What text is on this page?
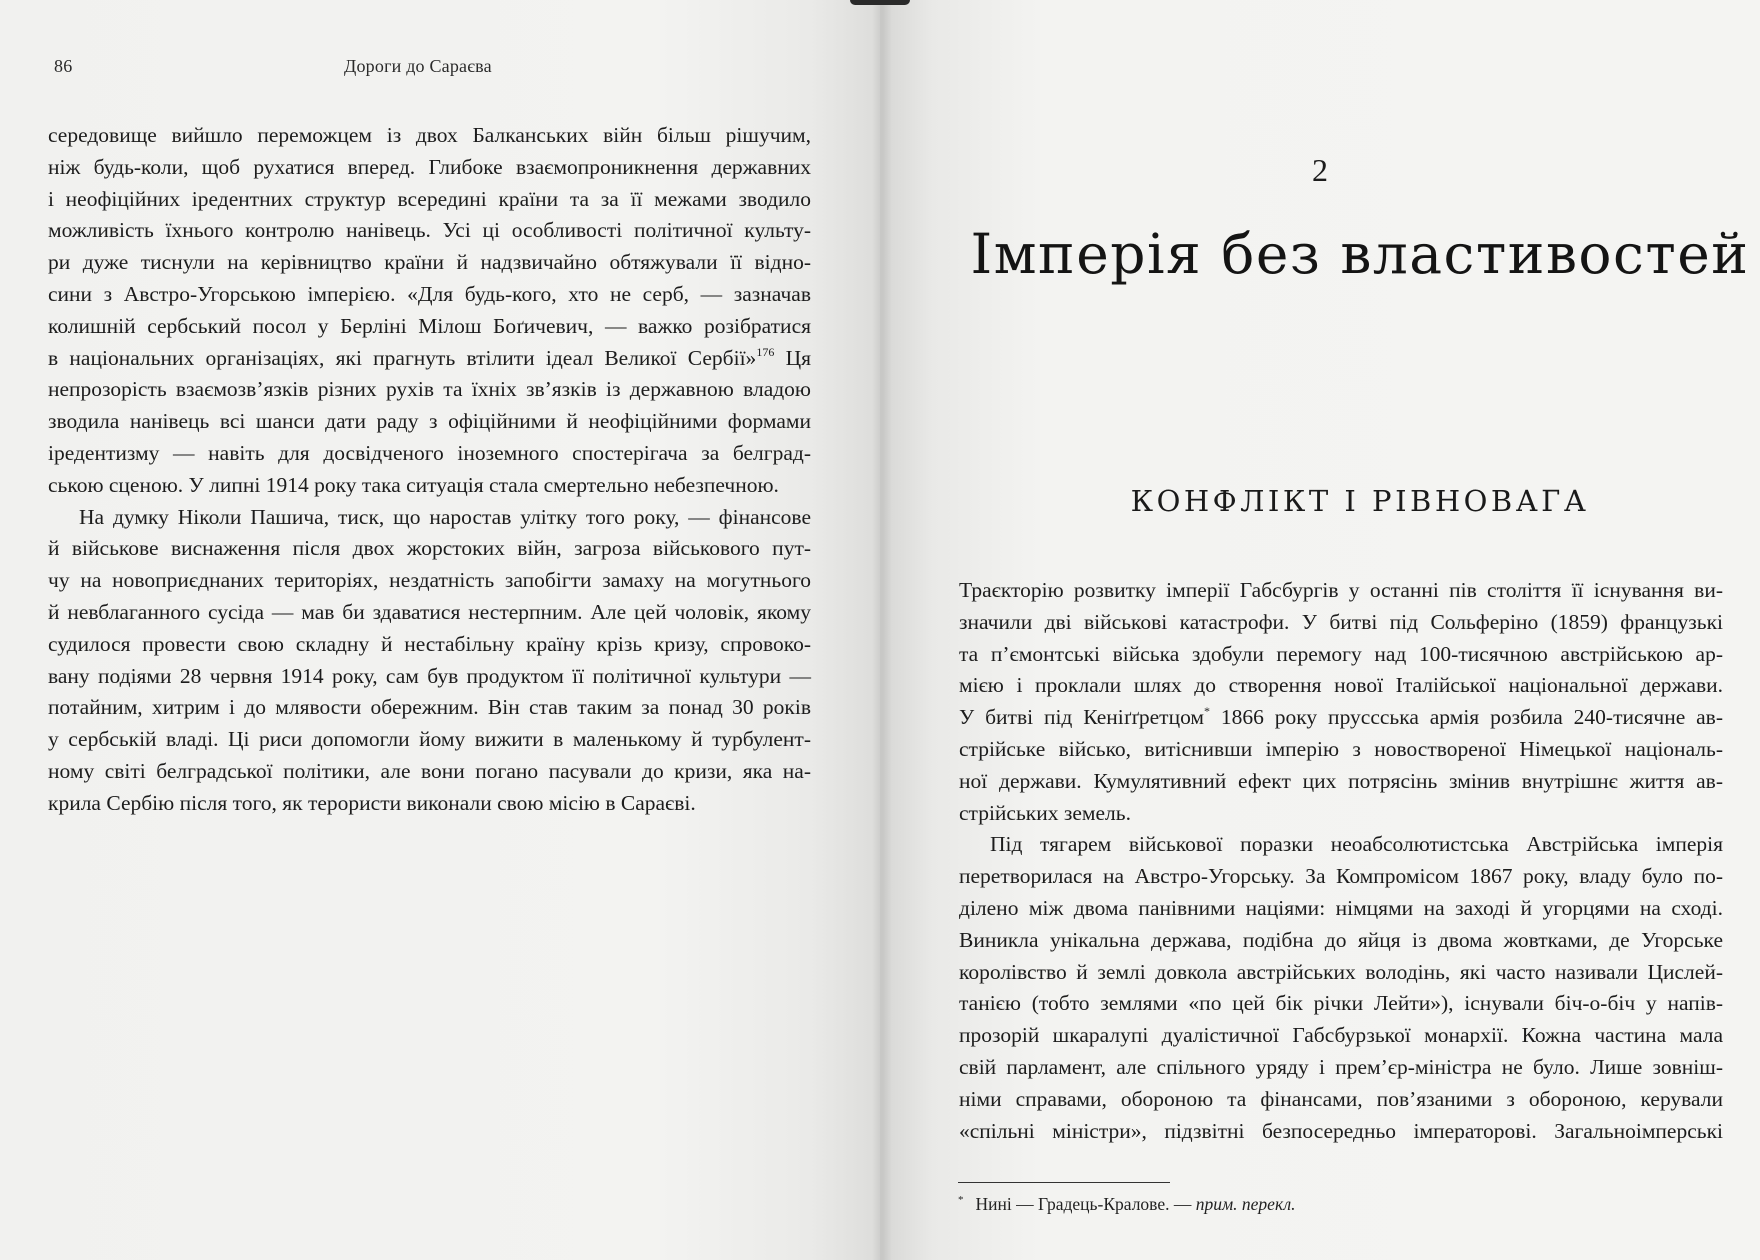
86	Дороги до Сараєва
середовище вийшло переможцем із двох Балканських війн більш рішучим,
ніж будь-коли, щоб рухатися вперед. Глибоке взаємопроникнення державних
і неофіційних іредентних структур всередині країни та за її межами зводило
можливість їхнього контролю нанівець. Усі ці особливості політичної культу-
ри дуже тиснули на керівництво країни й надзвичайно обтяжували її відно-
сини з Австро-Угорською імперією. «Для будь-кого, хто не серб, — зазначав
колишній сербський посол у Берліні Мілош Боґичевич, — важко розібратися
в національних організаціях, які прагнуть втілити ідеал Великої Сербії»$^{176}$ Ця
непрозорість взаємозв’язків різних рухів та їхніх зв’язків із державною владою
зводила нанівець всі шанси дати раду з офіційними й неофіційними формами
іредентизму — навіть для досвідченого іноземного спостерігача за белград-
ською сценою. У липні 1914 року така ситуація стала смертельно небезпечною.
На думку Ніколи Пашича, тиск, що наростав улітку того року, — фінансове
й військове виснаження після двох жорстоких війн, загроза військового пут-
чу на новоприєднаних територіях, нездатність запобігти замаху на могутнього
й невблаганного сусіда — мав би здаватися нестерпним. Але цей чоловік, якому
судилося провести свою складну й нестабільну країну крізь кризу, спровоко-
вану подіями 28 червня 1914 року, сам був продуктом її політичної культури —
потайним, хитрим і до млявости обережним. Він став таким за понад 30 років
у сербській владі. Ці риси допомогли йому вижити в маленькому й турбулент-
ному світі белградської політики, але вони погано пасували до кризи, яка на-
крила Сербію після того, як терористи виконали свою місію в Сараєві.
2
Імперія без властивостей
КОНФЛІКТ І РІВНОВАГА
Траєкторію розвитку імперії Габсбургів у останні пів століття її існування ви-
значили дві військові катастрофи. У битві під Сольферіно (1859) французькі
та п’ємонтські війська здобули перемогу над 100-тисячною австрійською ар-
мією і проклали шлях до створення нової Італійської національної держави.
У битві під Кеніґґретцом* 1866 року пруссська армія розбила 240-тисячне ав-
стрійське військо, витіснивши імперію з новоствореної Німецької національ-
ної держави. Кумулятивний ефект цих потрясінь змінив внутрішнє життя ав-
стрійських земель.
Під тягарем військової поразки неоабсолютистська Австрійська імперія
перетворилася на Австро-Угорську. За Компромісом 1867 року, владу було по-
ділено між двома панівними націями: німцями на заході й угорцями на сході.
Виникла унікальна держава, подібна до яйця із двома жовтками, де Угорське
королівство й землі довкола австрійських володінь, які часто називали Цислей-
танією (тобто землями «по цей бік річки Лейти»), існували біч-о-біч у напів-
прозорій шкаралупі дуалістичної Габсбурзької монархії. Кожна частина мала
свій парламент, але спільного уряду і прем’єр-міністра не було. Лише зовніш-
німи справами, обороною та фінансами, пов’язаними з обороною, керували
«спільні міністри», підзвітні безпосередньо імператорові. Загальноімперські
* Нині — Градець-Кралове. — прим. перекл.
